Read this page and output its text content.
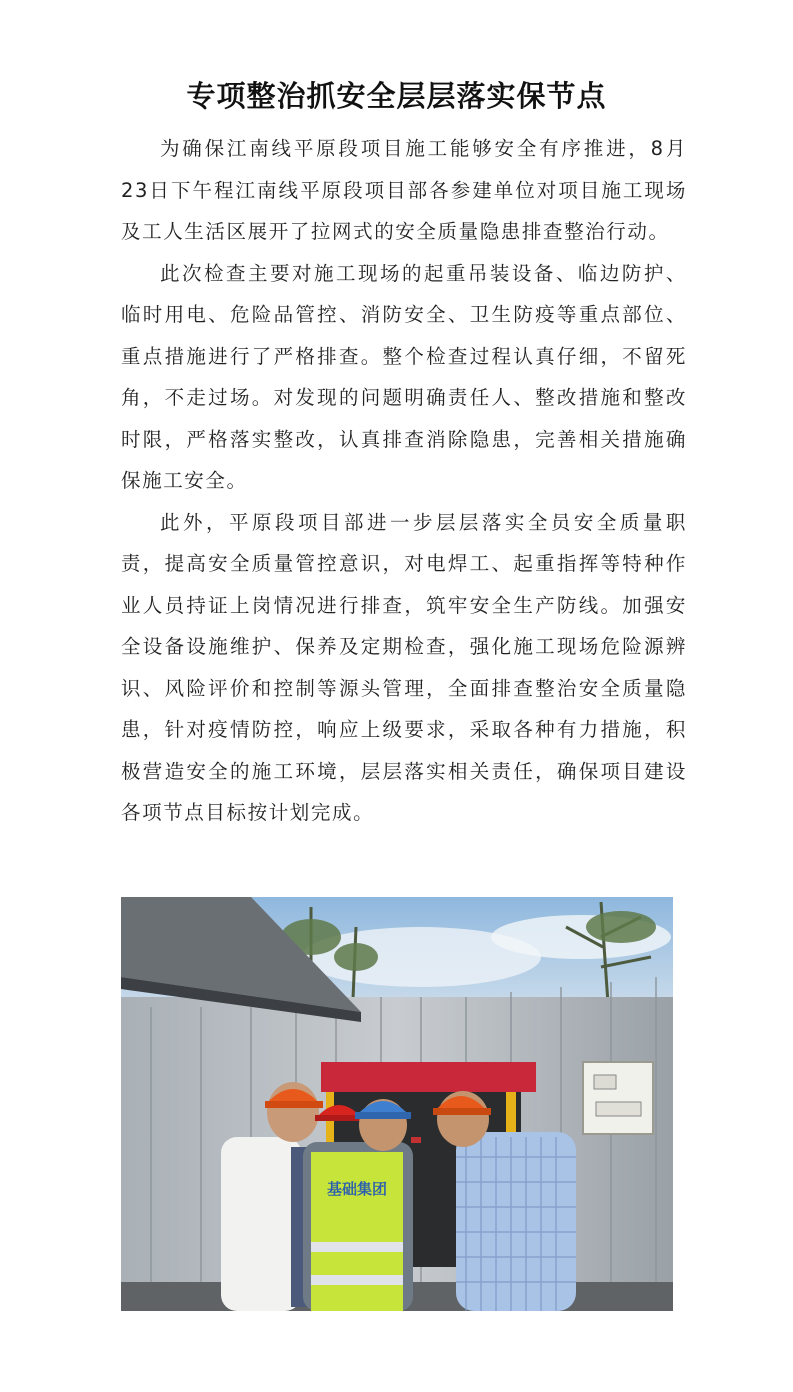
专项整治抓安全层层落实保节点

为确保江南线平原段项目施工能够安全有序推进，8月23日下午程江南线平原段项目部各参建单位对项目施工现场及工人生活区展开了拉网式的安全质量隐患排查整治行动。

此次检查主要对施工现场的起重吊装设备、临边防护、临时用电、危险品管控、消防安全、卫生防疫等重点部位、重点措施进行了严格排查。整个检查过程认真仔细，不留死角，不走过场。对发现的问题明确责任人、整改措施和整改时限，严格落实整改，认真排查消除隐患，完善相关措施确保施工安全。

此外，平原段项目部进一步层层落实全员安全质量职责，提高安全质量管控意识，对电焊工、起重指挥等特种作业人员持证上岗情况进行排查，筑牢安全生产防线。加强安全设备设施维护、保养及定期检查，强化施工现场危险源辨识、风险评价和控制等源头管理，全面排查整治安全质量隐患，针对疫情防控，响应上级要求，采取各种有力措施，积极营造安全的施工环境，层层落实相关责任，确保项目建设各项节点目标按计划完成。

基础集团
